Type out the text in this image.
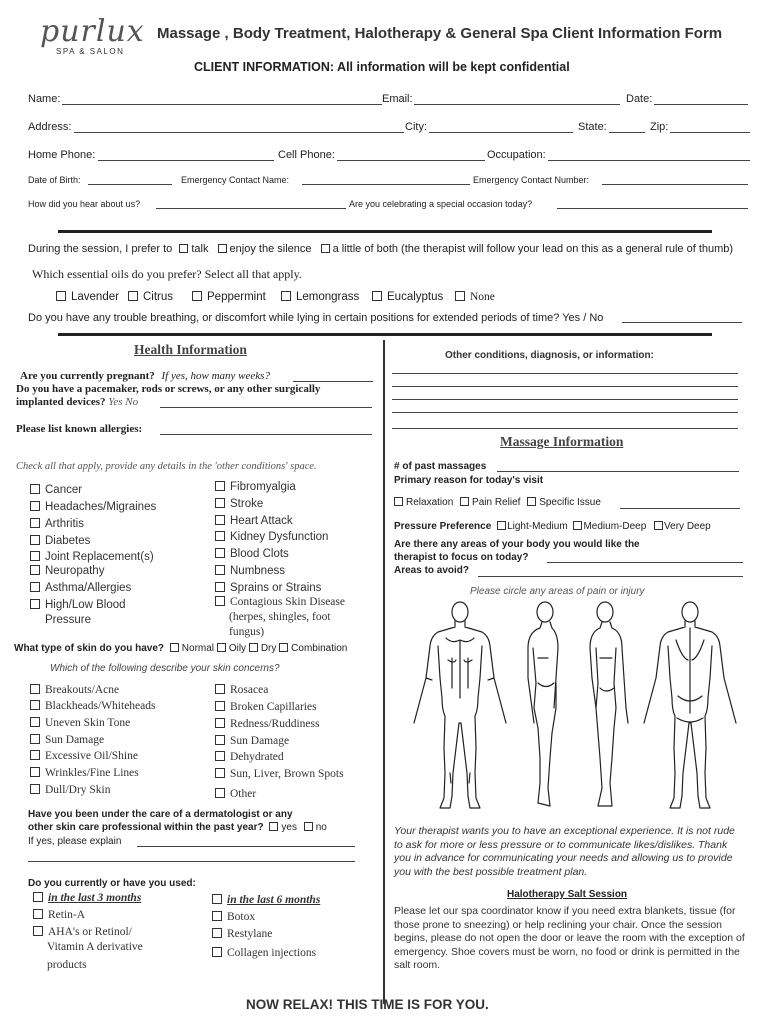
purlux
SPA & SALON
Massage , Body Treatment, Halotherapy & General Spa Client Information Form
CLIENT INFORMATION: All information will be kept confidential
Name:	Email:	Date:
Address:	City:	State:	Zip:
Home Phone:	Cell Phone:	Occupation:
Date of Birth:	Emergency Contact Name:	Emergency Contact Number:
How did you hear about us?	Are you celebrating a special occasion today?
During the session, I prefer to talk enjoy the silence a little of both (the therapist will follow your lead on this as a general rule of thumb)
Which essential oils do you prefer? Select all that apply.
Lavender	Citrus	Peppermint	Lemongrass	Eucalyptus	None
Do you have any trouble breathing, or discomfort while lying in certain positions for extended periods of time? Yes / No
Health Information
Are you currently pregnant? If yes, how many weeks?
Do you have a pacemaker, rods or screws, or any other surgically
implanted devices? Yes No
Please list known allergies:
Check all that apply, provide any details in the 'other conditions' space.
Cancer
Headaches/Migraines
Arthritis
Diabetes
Joint Replacement(s)
Neuropathy
Asthma/Allergies
High/Low Blood
Pressure
Fibromyalgia
Stroke
Heart Attack
Kidney Dysfunction
Blood Clots
Numbness
Sprains or Strains
Contagious Skin Disease
(herpes, shingles, foot
fungus)
What type of skin do you have? Normal Oily Dry Combination
Which of the following describe your skin concerns?
Breakouts/Acne
Blackheads/Whiteheads
Uneven Skin Tone
Sun Damage
Excessive Oil/Shine
Wrinkles/Fine Lines
Dull/Dry Skin
Rosacea
Broken Capillaries
Redness/Ruddiness
Sun Damage
Dehydrated
Sun, Liver, Brown Spots
Other
Have you been under the care of a dermatologist or any
other skin care professional within the past year? yes no
If yes, please explain
Do you currently or have you used:
in the last 3 months
Retin-A
AHA's or Retinol/
Vitamin A derivative
products
in the last 6 months
Botox
Restylane
Collagen injections
Other conditions, diagnosis, or information:
Massage Information
# of past massages
Primary reason for today's visit
Relaxation Pain Relief Specific Issue
Pressure Preference Light-Medium Medium-Deep Very Deep
Are there any areas of your body you would like the
therapist to focus on today?
Areas to avoid?
Please circle any areas of pain or injury
Your therapist wants you to have an exceptional experience. It is not rude to ask for more or less pressure or to communicate likes/dislikes. Thank you in advance for communicating your needs and allowing us to provide you with the best possible treatment plan.
Halotherapy Salt Session
Please let our spa coordinator know if you need extra blankets, tissue (for those prone to sneezing) or help reclining your chair. Once the session begins, please do not open the door or leave the room with the exception of emergency. Shoe covers must be worn, no food or drink is permitted in the salt room.
NOW RELAX! THIS TIME IS FOR YOU.
